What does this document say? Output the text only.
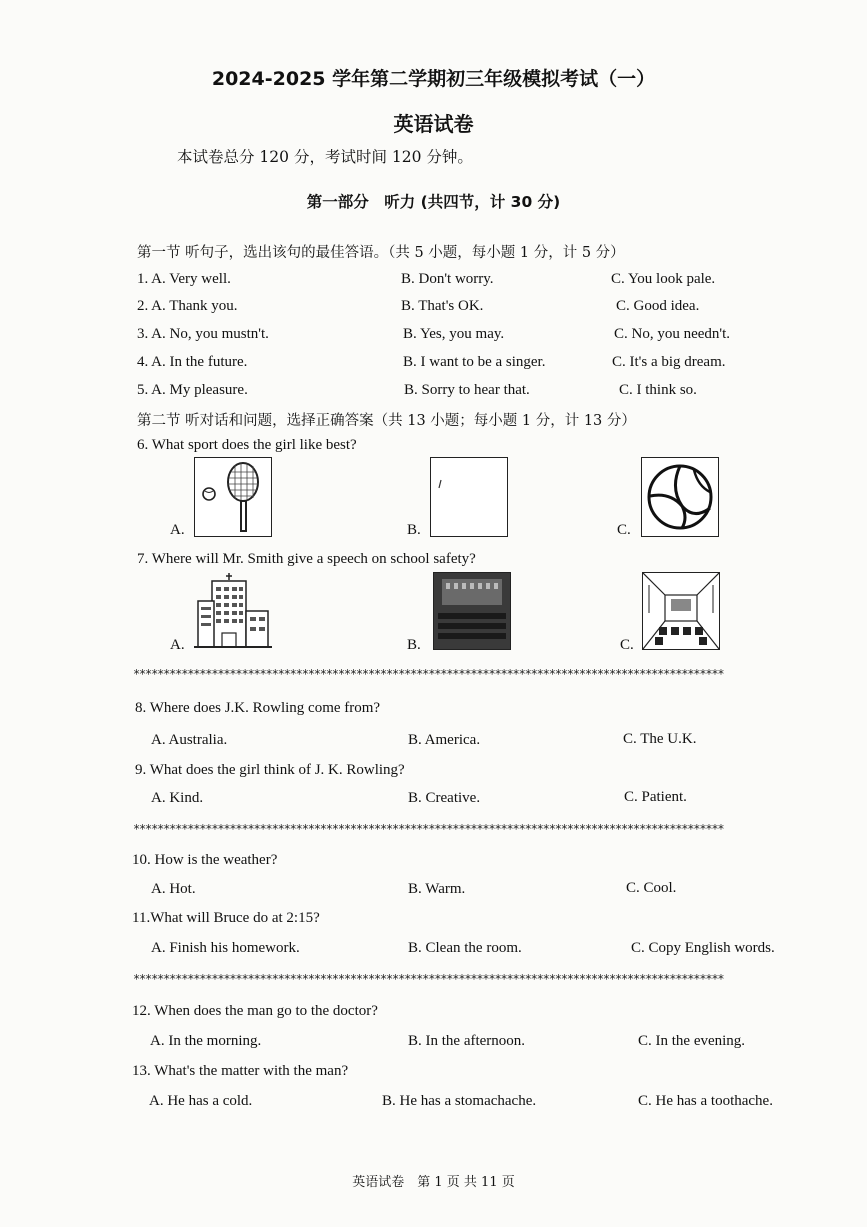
2024-2025 学年第二学期初三年级模拟考试（一）
英语试卷
本试卷总分 120 分，考试时间 120 分钟。
第一部分　听力 (共四节，计 30 分)
第一节 听句子，选出该句的最佳答语。（共 5 小题，每小题 1 分，计 5 分）
1. A. Very well.	B. Don't worry.	C. You look pale.
2. A. Thank you.	B. That's OK.	C. Good idea.
3. A. No, you mustn't.	B. Yes, you may.	C. No, you needn't.
4. A. In the future.	B. I want to be a singer.	C. It's a big dream.
5. A. My pleasure.	B. Sorry to hear that.	C. I think so.
第二节 听对话和问题，选择正确答案（共 13 小题；每小题 1 分，计 13 分）
6. What sport does the girl like best?
A.	B.	C.
7. Where will Mr. Smith give a speech on school safety?
A.	B.	C.
**************************************************************************************************
8. Where does J.K. Rowling come from?
A. Australia.	B. America.	C. The U.K.
9. What does the girl think of J. K. Rowling?
A. Kind.	B. Creative.	C. Patient.
**************************************************************************************************
10. How is the weather?
A. Hot.	B. Warm.	C. Cool.
11.What will Bruce do at 2:15?
A. Finish his homework.	B. Clean the room.	C. Copy English words.
**************************************************************************************************
12. When does the man go to the doctor?
A. In the morning.	B. In the afternoon.	C. In the evening.
13. What's the matter with the man?
A. He has a cold.	B. He has a stomachache.	C. He has a toothache.
英语试卷　第 1 页 共 11 页
